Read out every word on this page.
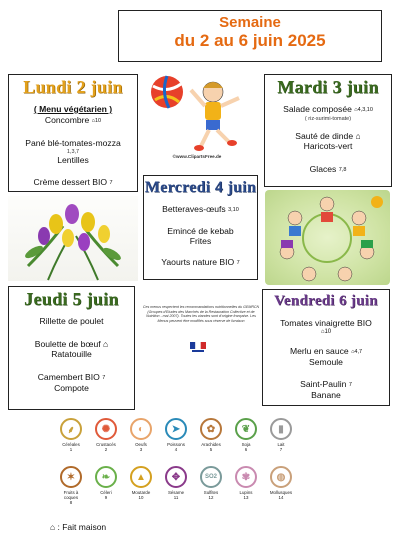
Semaine
du 2 au 6 juin 2025
Lundi 2 juin
( Menu végétarien )
Concombre ⌂10
Pané blé-tomates-mozza
1,3,7
Lentilles
Crème dessert BIO 7
©www.ClipartsFree.de
Mardi 3 juin
Salade composée ⌂4,3,10
( riz-surimi-tomate)
Sauté de dinde ⌂
Haricots-vert
Glaces 7,8
Mercredi 4 juin
Betteraves-œufs 3,10
Emincé de kebab
Frites
Yaourts nature BIO 7
Jeudi 5 juin
Rillette de poulet
Boulette de bœuf ⌂
Ratatouille
Camembert BIO 7
Compote
Ces menus respectent les recommandations nutritionnelles du GEMRCN (Groupes d'Etudes des Marchés de la Restauration Collective et de Nutrition - mai 2007). Toutes les viandes sont d'origine française. Les Menus peuvent être modifiés sous réserve de livraison
Vendredi 6 juin
Tomates vinaigrette BIO
⌂10
Merlu en sauce ⌂4,7
Semoule
Saint-Paulin 7
Banane
⸙
Céréales
1
✺
Crustacés
2
◐
Oeufs
3
➤
Poissons
4
✿
Arachides
5
❦
Soja
6
▮
Lait
7
✶
Fruits à coques
8
❧
Céleri
9
▲
Moutarde
10
✥
Sésame
11
SO2
Sulfites
12
✾
Lupins
13
◍
Mollusques
14
⌂ : Fait maison
